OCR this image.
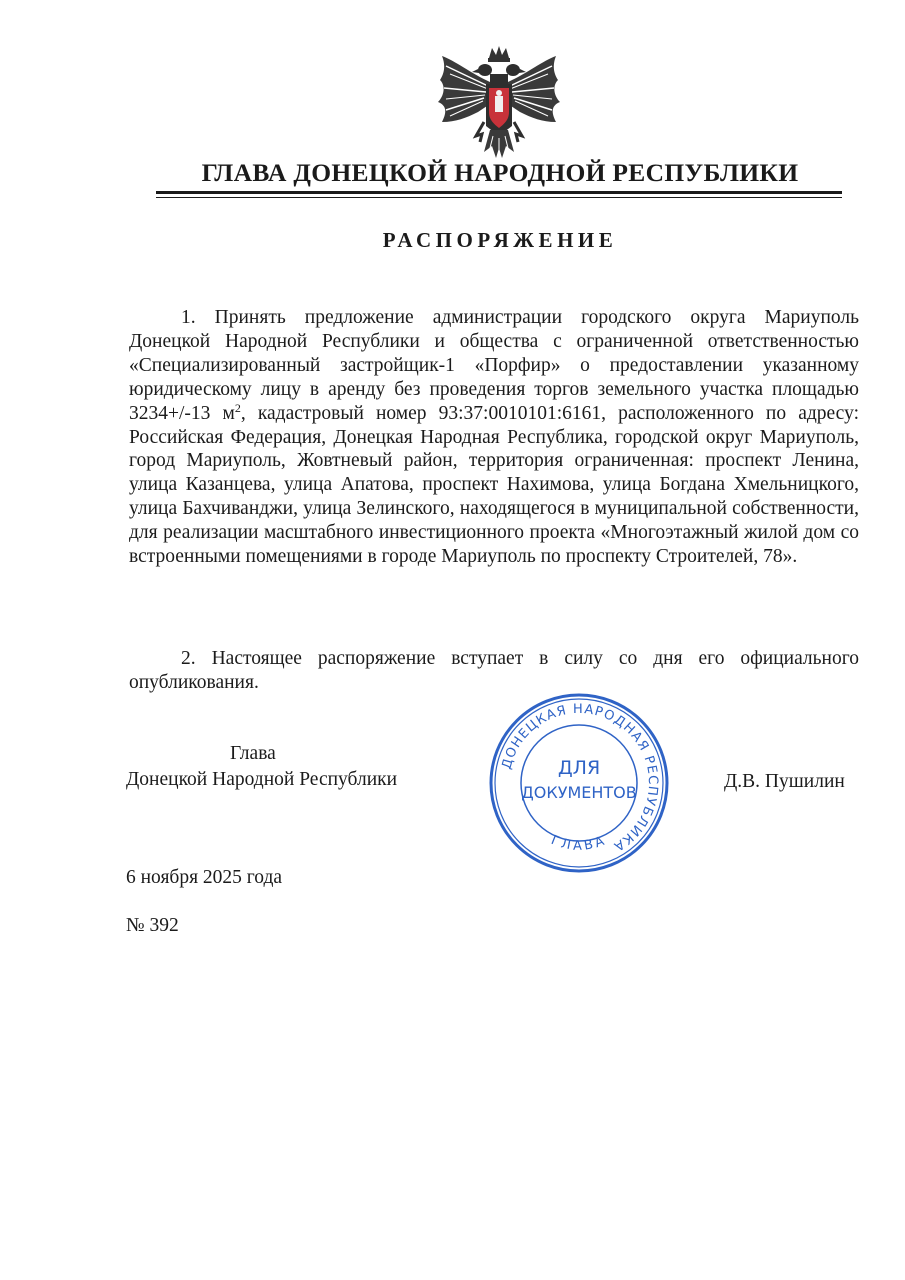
ГЛАВА ДОНЕЦКОЙ НАРОДНОЙ РЕСПУБЛИКИ
РАСПОРЯЖЕНИЕ
1. Принять предложение администрации городского округа Мариуполь Донецкой Народной Республики и общества с ограниченной ответственностью «Специализированный застройщик-1 «Порфир» о предоставлении указанному юридическому лицу в аренду без проведения торгов земельного участка площадью 3234+/-13 $м^2$, кадастровый номер 93:37:0010101:6161, расположенного по адресу: Российская Федерация, Донецкая Народная Республика, городской округ Мариуполь, город Мариуполь, Жовтневый район, территория ограниченная: проспект Ленина, улица Казанцева, улица Апатова, проспект Нахимова, улица Богдана Хмельницкого, улица Бахчиванджи, улица Зелинского, находящегося в муниципальной собственности, для реализации масштабного инвестиционного проекта «Многоэтажный жилой дом со встроенными помещениями в городе Мариуполь по проспекту Строителей, 78».
2. Настоящее распоряжение вступает в силу со дня его официального опубликования.
Глава
Донецкой Народной Республики
ДОНЕЦКАЯ НАРОДНАЯ РЕСПУБЛИКА
ГЛАВА
ДЛЯ
ДОКУМЕНТОВ
Д.В. Пушилин
6 ноября 2025 года
№ 392
